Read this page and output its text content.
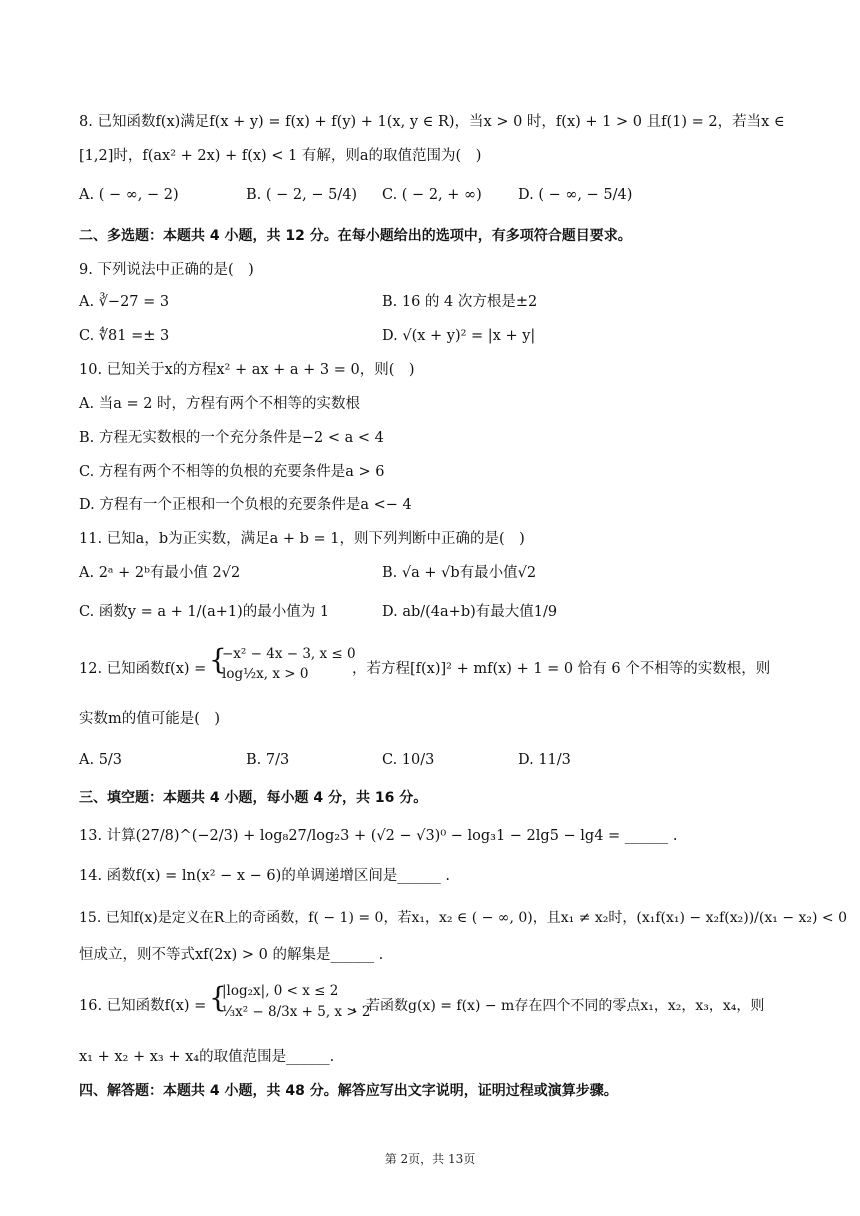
8. 已知函数f(x)满足f(x + y) = f(x) + f(y) + 1(x, y ∈ R)，当x > 0 时，f(x) + 1 > 0 且f(1) = 2，若当x ∈
[1,2]时，f(ax² + 2x) + f(x) < 1 有解，则a的取值范围为(　)
A. ( − ∞, − 2)	B. ( − 2, − 5/4) C. ( − 2, + ∞) D. ( − ∞, − 5/4)
二、多选题：本题共 4 小题，共 12 分。在每小题给出的选项中，有多项符合题目要求。
9. 下列说法中正确的是(　)
A. ∛−27 = 3	B. 16 的 4 次方根是±2
C. ∜81 =± 3	D. √(x + y)² = |x + y|
10. 已知关于x的方程x² + ax + a + 3 = 0，则(　)
A. 当a = 2 时，方程有两个不相等的实数根
B. 方程无实数根的一个充分条件是−2 < a < 4
C. 方程有两个不相等的负根的充要条件是a > 6
D. 方程有一个正根和一个负根的充要条件是a <− 4
11. 已知a，b为正实数，满足a + b = 1，则下列判断中正确的是(　)
A. 2ᵃ + 2ᵇ有最小值 2√2	B. √a + √b有最小值√2
C. 函数y = a + 1/(a+1)的最小值为 1	D. ab/(4a+b)有最大值1/9
12. 已知函数f(x) = {
−x² − 4x − 3, x ≤ 0
log½x, x > 0	，若方程[f(x)]² + mf(x) + 1 = 0 恰有 6 个不相等的实数根，则
实数m的值可能是(　)
A. 5/3	B. 7/3	C. 10/3	D. 11/3
三、填空题：本题共 4 小题，每小题 4 分，共 16 分。
13. 计算(27/8)^(−2/3) + log₈27/log₂3 + (√2 − √3)⁰ − log₃1 − 2lg5 − lg4 = ______ .
14. 函数f(x) = ln(x² − x − 6)的单调递增区间是______ .
15. 已知f(x)是定义在R上的奇函数，f( − 1) = 0，若x₁，x₂ ∈ ( − ∞, 0)，且x₁ ≠ x₂时，(x₁f(x₁) − x₂f(x₂))/(x₁ − x₂) < 0
恒成立，则不等式xf(2x) > 0 的解集是______ .
16. 已知函数f(x) = {
|log₂x|, 0 < x ≤ 2
⅓x² − 8/3x + 5, x > 2
，若函数g(x) = f(x) − m存在四个不同的零点x₁，x₂，x₃，x₄，则
x₁ + x₂ + x₃ + x₄的取值范围是______.
四、解答题：本题共 4 小题，共 48 分。解答应写出文字说明，证明过程或演算步骤。
第 2页，共 13页
